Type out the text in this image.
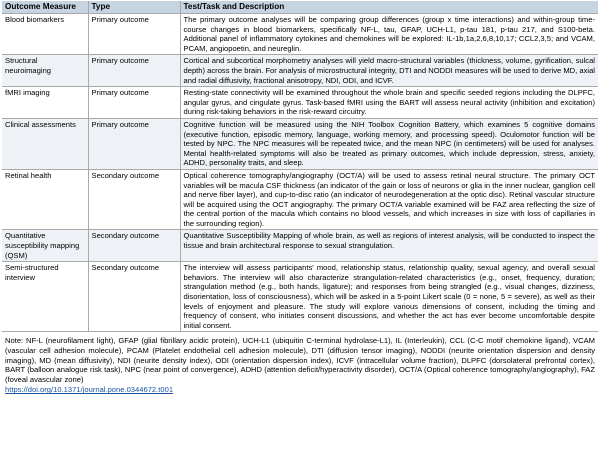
Outcome Measure	Type	Test/Task and Description
Blood biomarkers	Primary outcome	The primary outcome analyses will be comparing group differences (group x time interactions) and within-group time-course changes in blood biomarkers, specifically NF-L, tau, GFAP, UCH-L1, p-tau 181, p-tau 217, and S100-beta. Additional panel of inflammatory cytokines and chemokines will be explored: IL-1b,1a,2,6,8,10,17; CCL2,3,5; and VCAM, PCAM, angiopoetin, and neureglin.
Structural neuroimaging	Primary outcome	Cortical and subcortical morphometry analyses will yield macro-structural variables (thickness, volume, gyrification, sulcal depth) across the brain. For analysis of microstructural integrity, DTI and NODDI measures will be used to derive MD, axial and radial diffusivity, fractional anisotropy, NDI, ODI, and ICVF.
fMRI imaging	Primary outcome	Resting-state connectivity will be examined throughout the whole brain and specific seeded regions including the DLPFC, angular gyrus, and cingulate gyrus. Task-based fMRI using the BART will assess neural activity (inhibition and excitation) during risk-taking behaviors in the risk-reward circuitry.
Clinical assessments	Primary outcome	Cognitive function will be measured using the NIH Toolbox Cognition Battery, which examines 5 cognitive domains (executive function, episodic memory, language, working memory, and processing speed). Oculomotor function will be tested by NPC. The NPC measures will be repeated twice, and the mean NPC (in centimeters) will be used for analyses. Mental health-related symptoms will also be treated as primary outcomes, which include depression, stress, anxiety, ADHD, personality traits, and sleep.
Retinal health	Secondary outcome	Optical coherence tomography/angiography (OCT/A) will be used to assess retinal neural structure. The primary OCT variables will be macula CSF thickness (an indicator of the gain or loss of neurons or glia in the inner nuclear, ganglion cell and nerve fiber layer), and cup-to-disc ratio (an indicator of neurodegeneration at the optic disc). Retinal vascular structure will be acquired using the OCT angiography. The primary OCT/A variable examined will be FAZ area reflecting the size of the central portion of the macula which contains no blood vessels, and which increases in size with loss of capillaries in the surrounding region).
Quantitative susceptibility mapping (QSM)	Secondary outcome	Quantitative Susceptibility Mapping of whole brain, as well as regions of interest analysis, will be conducted to inspect the tissue and brain architectural response to sexual strangulation.
Semi-structured interview	Secondary outcome	The interview will assess participants' mood, relationship status, relationship quality, sexual agency, and overall sexual behaviors. The interview will also characterize strangulation-related characteristics (e.g., onset, frequency, duration; strangulation method (e.g., both hands, ligature); and responses from being strangled (e.g., visual changes, dizziness, disorientation, loss of consciousness), which will be asked in a 5-point Likert scale (0 = none, 5 = severe), as well as their levels of enjoyment and pleasure. The study will explore various dimensions of consent, including the timing and frequency of consent, who initiates consent discussions, and whether the act has ever become uncomfortable despite initial consent.
Note: NF-L (neurofilament light), GFAP (glial fibrillary acidic protein), UCH-L1 (ubiquitin C-terminal hydrolase-L1), IL (Interleukin), CCL (C-C motif chemokine ligand), VCAM (vascular cell adhesion molecule), PCAM (Platelet endothelial cell adhesion molecule), DTI (diffusion tensor imaging), NODDI (neurite orientation dispersion and density imaging), MD (mean diffusivity), NDI (neurite density index), ODI (orientation dispersion index), ICVF (intracellular volume fraction), DLPFC (dorsolateral prefrontal cortex), BART (balloon analogue risk task), NPC (near point of convergence), ADHD (attention deficit/hyperactivity disorder), OCT/A (Optical coherence tomography/angiography), FAZ (foveal avascular zone)
https://doi.org/10.1371/journal.pone.0344672.t001
